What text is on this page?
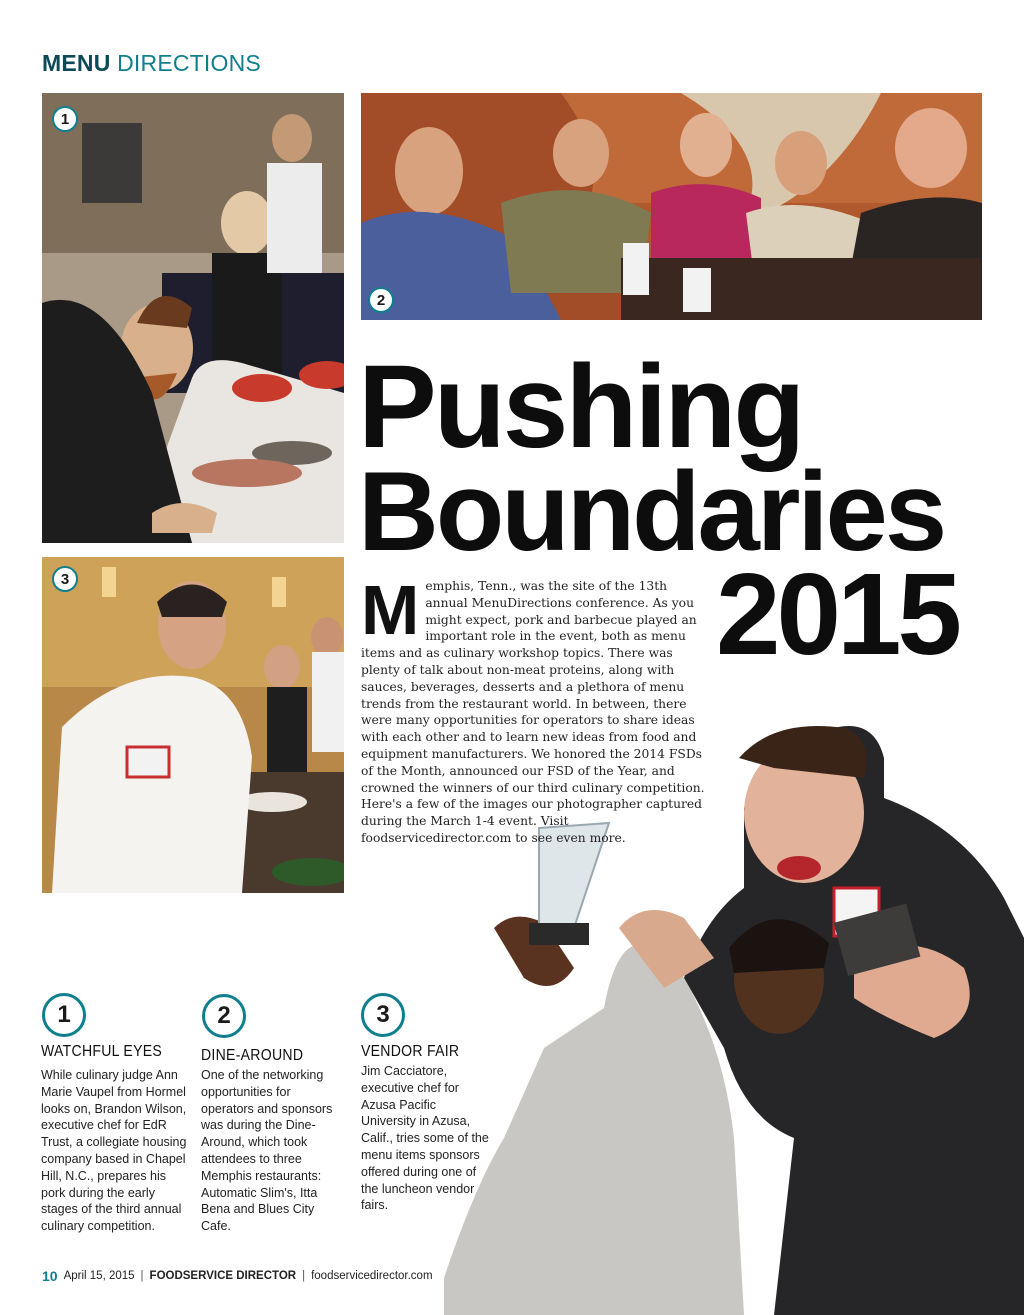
MENU DIRECTIONS
1
2
3
Pushing
Boundaries
2015
Memphis, Tenn., was the site of the 13th annual MenuDirections conference. As you might expect, pork and barbecue played an important role in the event, both as menu items and as culinary workshop topics. There was plenty of talk about non-meat proteins, along with sauces, beverages, desserts and a plethora of menu trends from the restaurant world. In between, there were many opportunities for operators to share ideas with each other and to learn new ideas from food and equipment manufacturers. We honored the 2014 FSDs of the Month, announced our FSD of the Year, and crowned the winners of our third culinary competition. Here's a few of the images our photographer captured during the March 1-4 event. Visit foodservicedirector.com to see even more.
1
WATCHFUL EYES
While culinary judge Ann Marie Vaupel from Hormel looks on, Brandon Wilson, executive chef for EdR Trust, a collegiate housing company based in Chapel Hill, N.C., prepares his pork during the early stages of the third annual culinary competition.
2
DINE-AROUND
One of the networking opportunities for operators and sponsors was during the Dine-Around, which took attendees to three Memphis restaurants: Automatic Slim's, Itta Bena and Blues City Cafe.
3
VENDOR FAIR
Jim Cacciatore, executive chef for Azusa Pacific University in Azusa, Calif., tries some of the menu items sponsors offered during one of the luncheon vendor fairs.
10 April 15, 2015 | FOODSERVICE DIRECTOR | foodservicedirector.com
